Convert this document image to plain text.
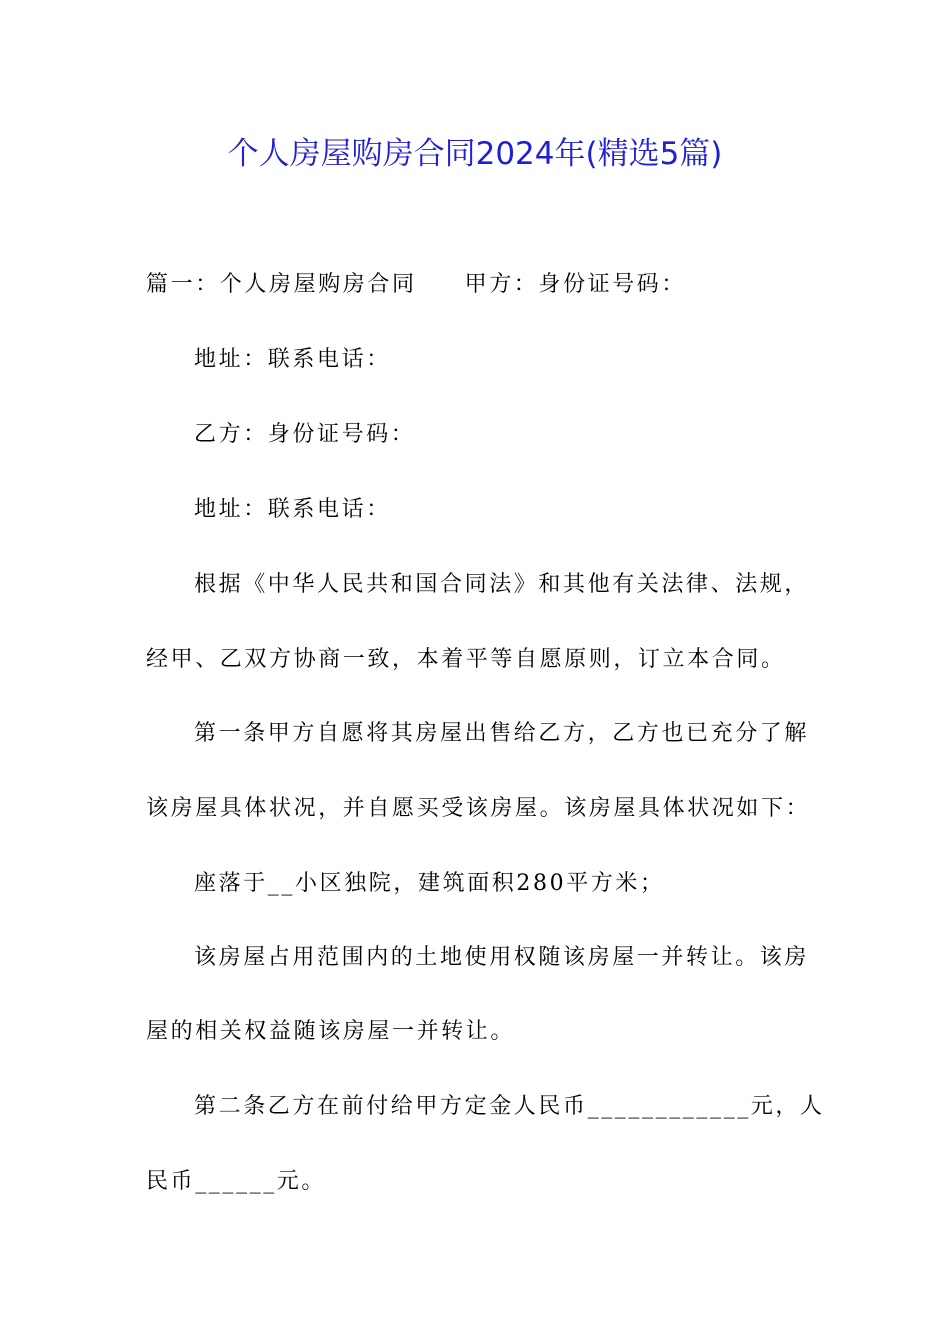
个人房屋购房合同2024年(精选5篇)
篇一：个人房屋购房合同 甲方：身份证号码：
地址：联系电话：
乙方：身份证号码：
地址：联系电话：
根据《中华人民共和国合同法》和其他有关法律、法规，
经甲、乙双方协商一致，本着平等自愿原则，订立本合同。
第一条甲方自愿将其房屋出售给乙方，乙方也已充分了解
该房屋具体状况，并自愿买受该房屋。该房屋具体状况如下：
座落于__小区独院，建筑面积280平方米；
该房屋占用范围内的土地使用权随该房屋一并转让。该房
屋的相关权益随该房屋一并转让。
第二条乙方在前付给甲方定金人民币____________元，人
民币______元。
